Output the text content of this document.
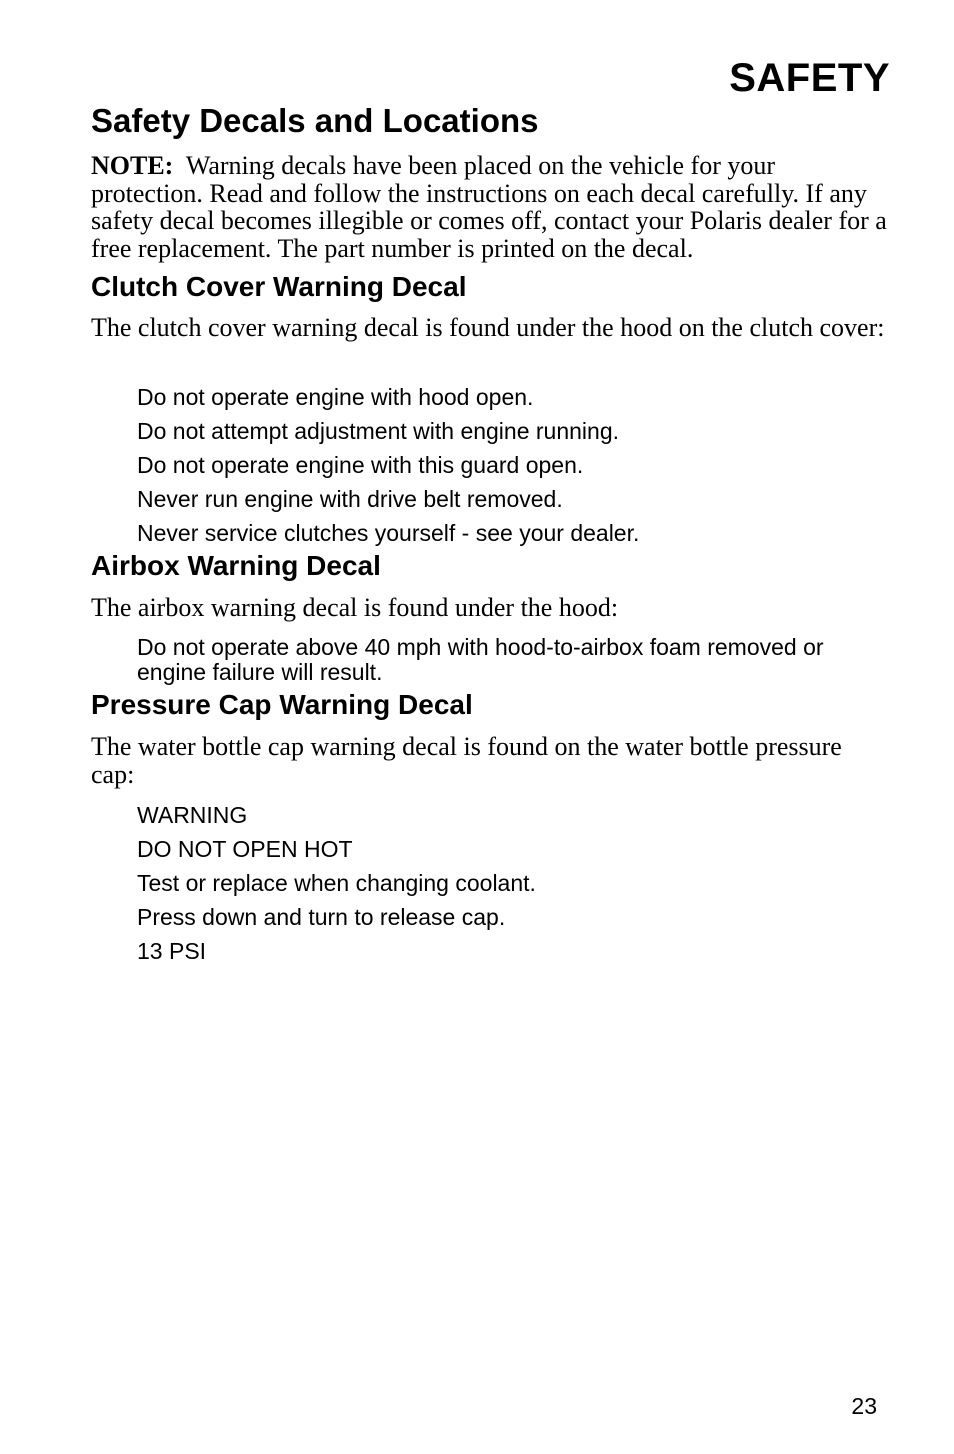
SAFETY
Safety Decals and Locations
NOTE: Warning decals have been placed on the vehicle for your protection. Read and follow the instructions on each decal carefully. If any safety decal becomes illegible or comes off, contact your Polaris dealer for a free replacement. The part number is printed on the decal.
Clutch Cover Warning Decal
The clutch cover warning decal is found under the hood on the clutch cover:
Do not operate engine with hood open.
Do not attempt adjustment with engine running.
Do not operate engine with this guard open.
Never run engine with drive belt removed.
Never service clutches yourself - see your dealer.
Airbox Warning Decal
The airbox warning decal is found under the hood:
Do not operate above 40 mph with hood-to-airbox foam removed or engine failure will result.
Pressure Cap Warning Decal
The water bottle cap warning decal is found on the water bottle pressure cap:
WARNING
DO NOT OPEN HOT
Test or replace when changing coolant.
Press down and turn to release cap.
13 PSI
23
